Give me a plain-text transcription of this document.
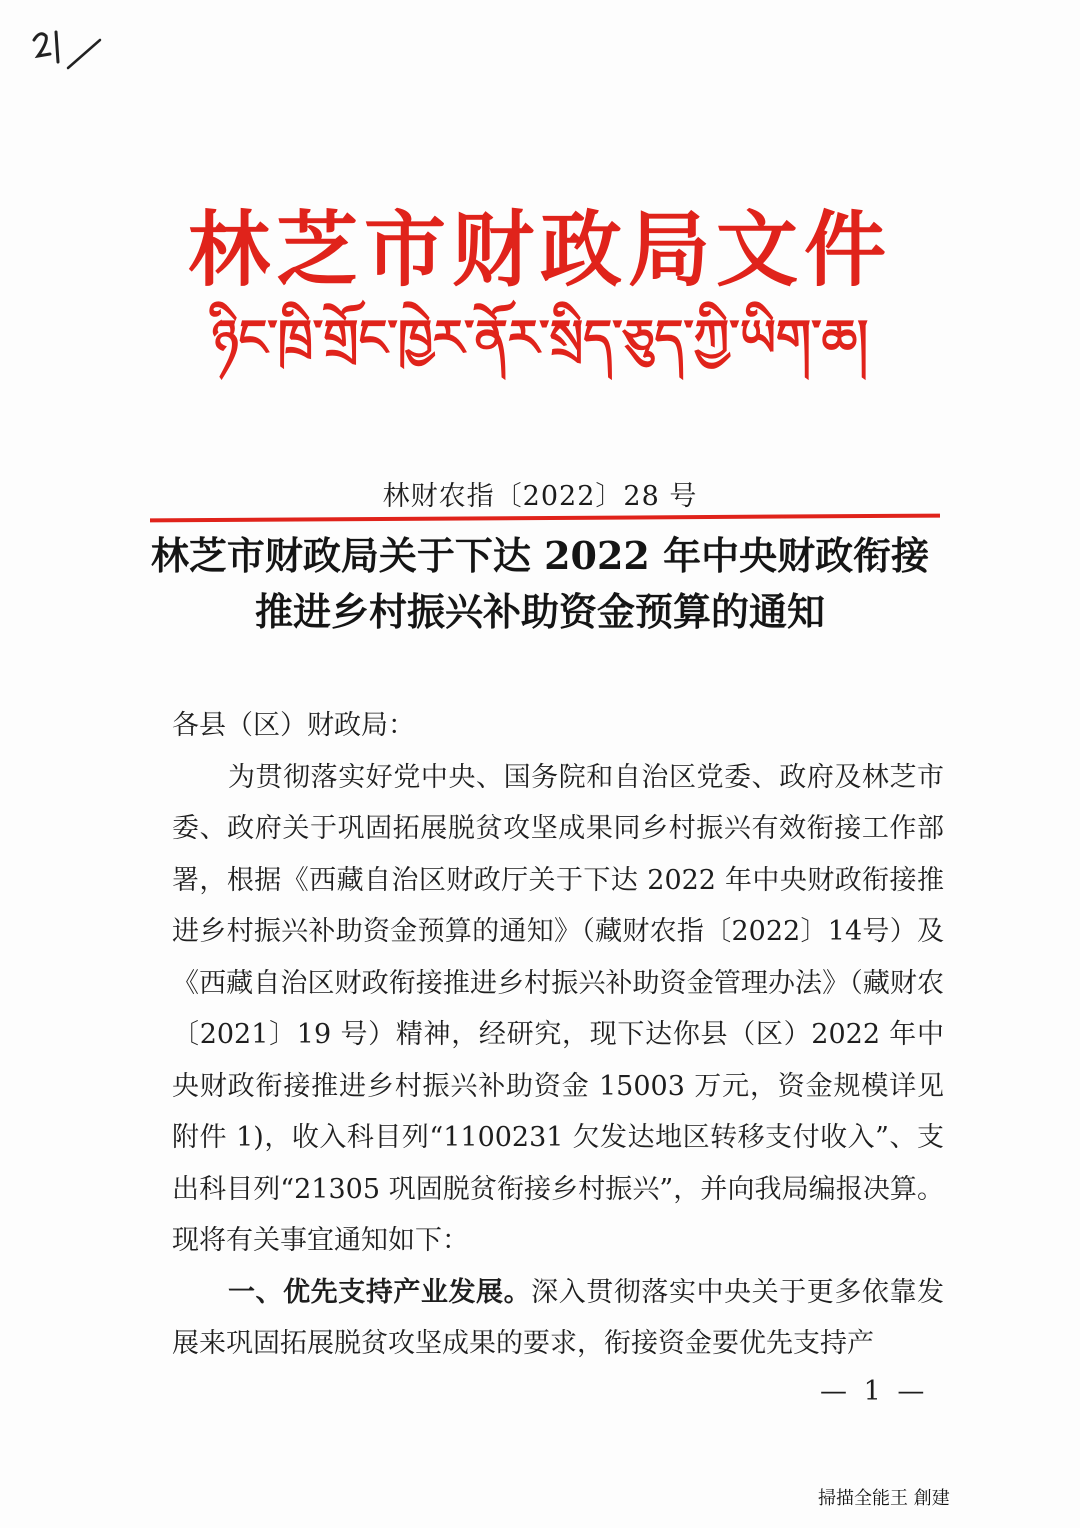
林芝市财政局文件
ཉིང་ཁྲི་གྲོང་ཁྱེར་ནོར་སྲིད་ཅུད་ཀྱི་ཡིག་ཆ།
林财农指〔2022〕28 号
林芝市财政局关于下达 2022 年中央财政衔接
推进乡村振兴补助资金预算的通知

各县（区）财政局：

为贯彻落实好党中央、国务院和自治区党委、政府及林芝市委、政府关于巩固拓展脱贫攻坚成果同乡村振兴有效衔接工作部署，根据《西藏自治区财政厅关于下达 2022 年中央财政衔接推进乡村振兴补助资金预算的通知》（藏财农指〔2022〕14号）及《西藏自治区财政衔接推进乡村振兴补助资金管理办法》（藏财农〔2021〕19 号）精神，经研究，现下达你县（区）2022 年中央财政衔接推进乡村振兴补助资金 15003 万元，资金规模详见附件 1)，收入科目列“1100231 欠发达地区转移支付收入”、支出科目列“21305 巩固脱贫衔接乡村振兴”，并向我局编报决算。现将有关事宜通知如下：

一、优先支持产业发展。深入贯彻落实中央关于更多依靠发展来巩固拓展脱贫攻坚成果的要求，衔接资金要优先支持产

— 1 —
掃描全能王 創建
